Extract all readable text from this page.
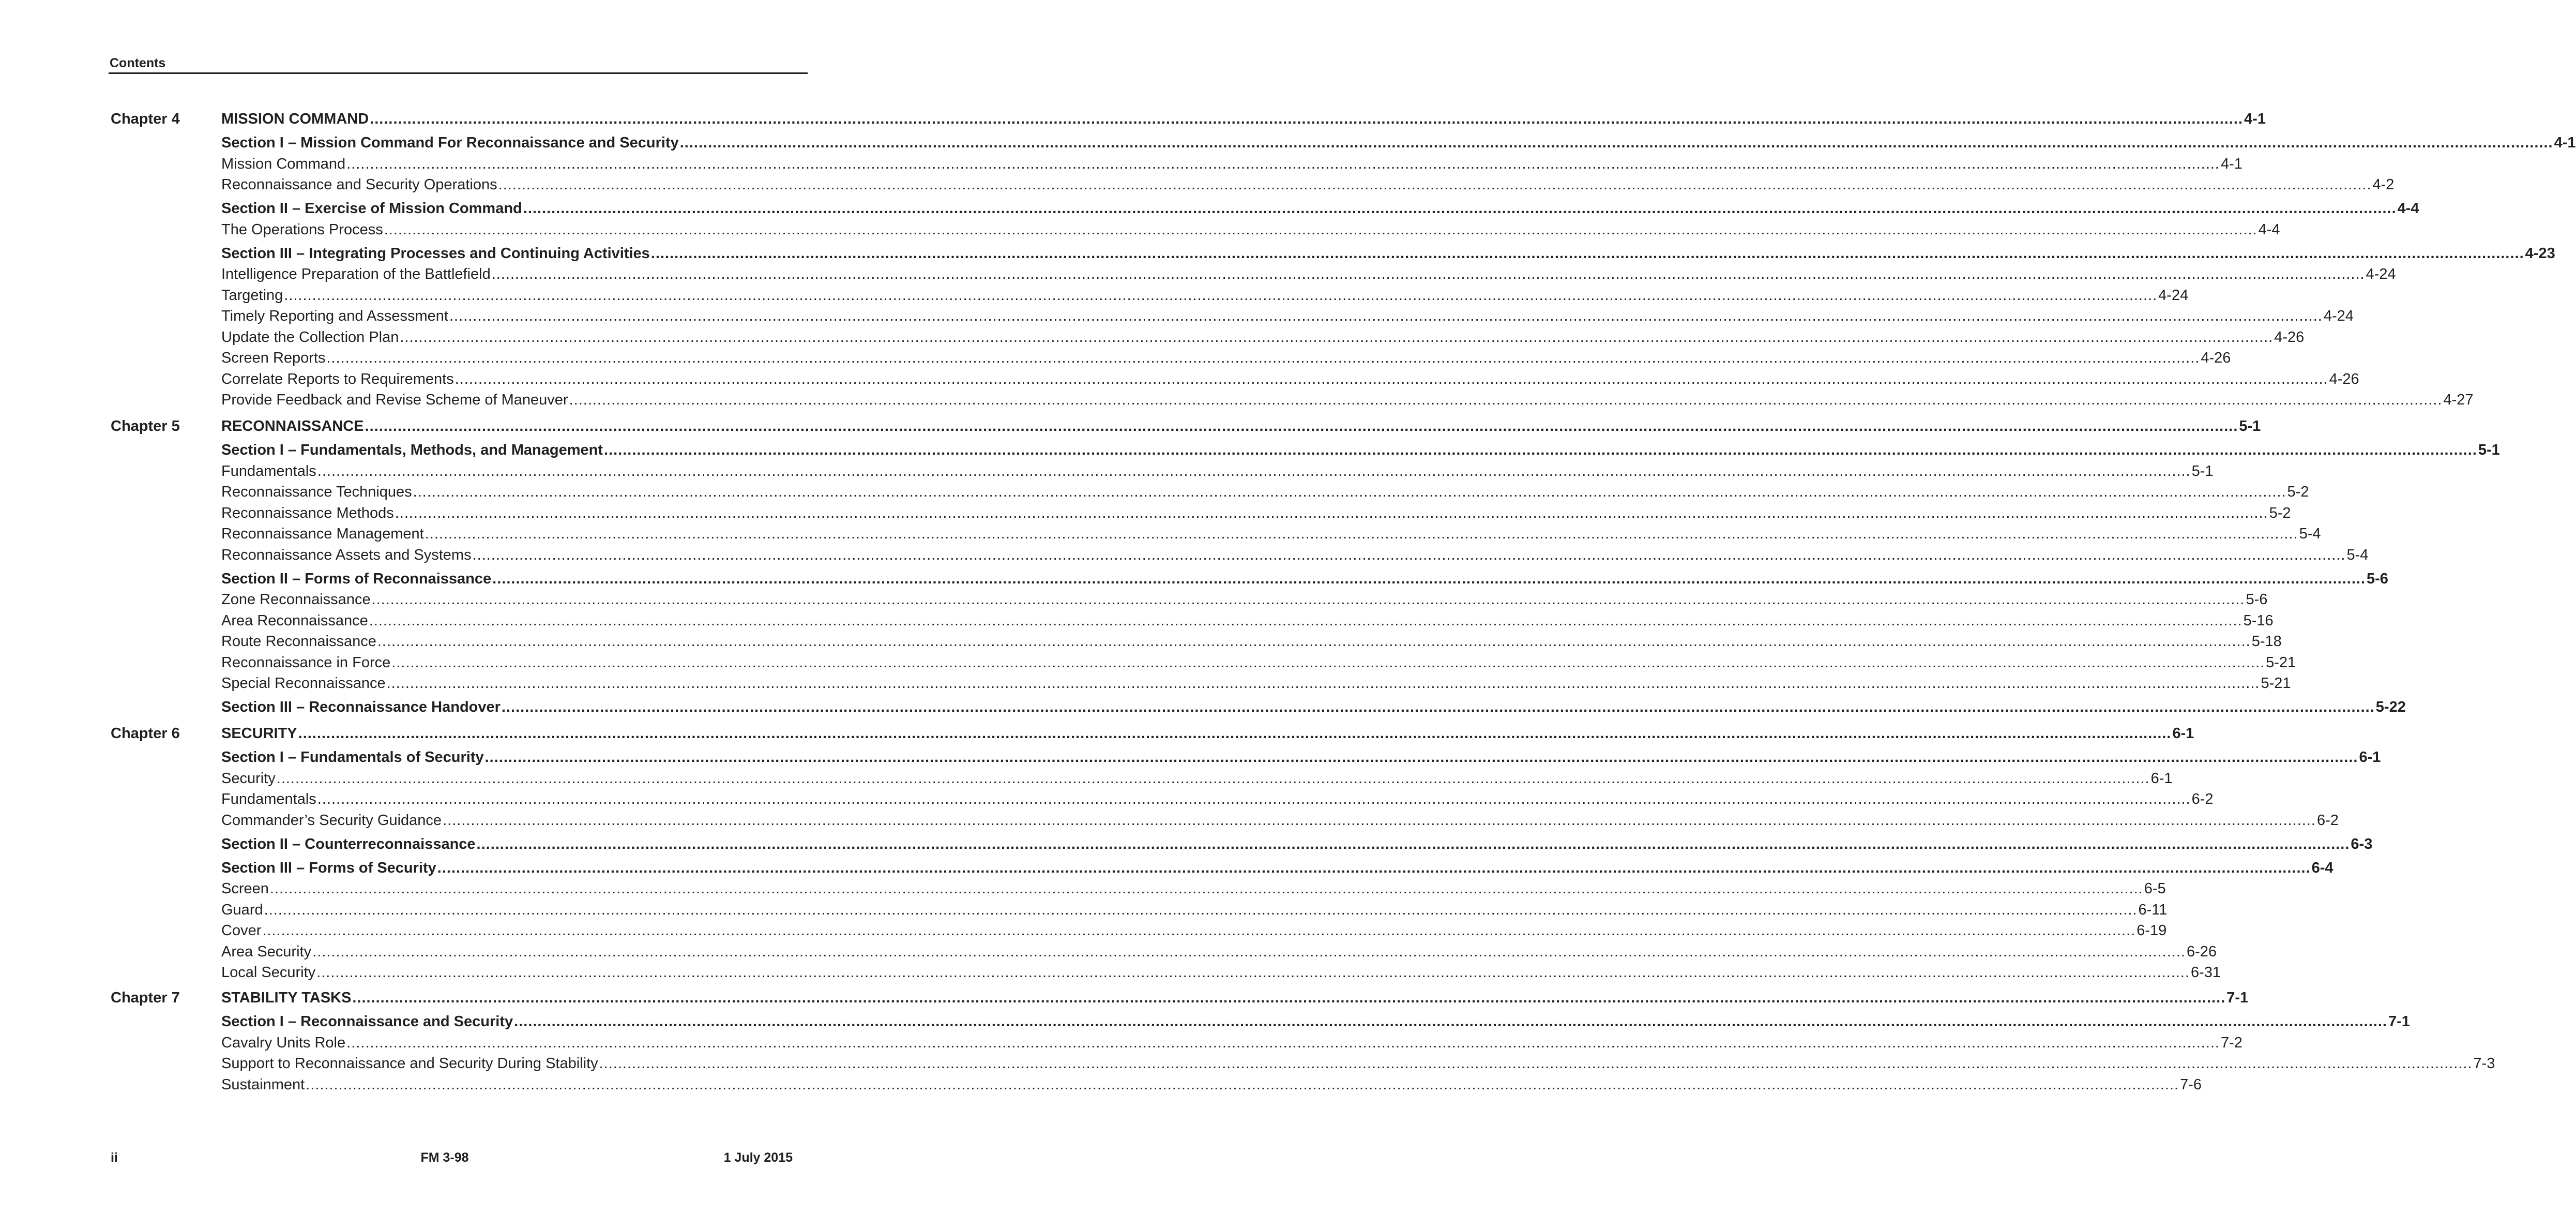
Contents
Chapter 4	MISSION COMMAND ................................................................................................................................................................................................................................................................................................................................................................................................................ 4-1
Section I – Mission Command For Reconnaissance and Security ................................................................................................................................................................................................................................................................................................................................................................................................................ 4-1
Mission Command ................................................................................................................................................................................................................................................................................................................................................................................................................ 4-1
Reconnaissance and Security Operations ................................................................................................................................................................................................................................................................................................................................................................................................................ 4-2
Section II – Exercise of Mission Command ................................................................................................................................................................................................................................................................................................................................................................................................................ 4-4
The Operations Process ................................................................................................................................................................................................................................................................................................................................................................................................................ 4-4
Section III – Integrating Processes and Continuing Activities ................................................................................................................................................................................................................................................................................................................................................................................................................ 4-23
Intelligence Preparation of the Battlefield ................................................................................................................................................................................................................................................................................................................................................................................................................ 4-24
Targeting ................................................................................................................................................................................................................................................................................................................................................................................................................ 4-24
Timely Reporting and Assessment ................................................................................................................................................................................................................................................................................................................................................................................................................ 4-24
Update the Collection Plan ................................................................................................................................................................................................................................................................................................................................................................................................................ 4-26
Screen Reports ................................................................................................................................................................................................................................................................................................................................................................................................................ 4-26
Correlate Reports to Requirements ................................................................................................................................................................................................................................................................................................................................................................................................................ 4-26
Provide Feedback and Revise Scheme of Maneuver ................................................................................................................................................................................................................................................................................................................................................................................................................ 4-27
Chapter 5	RECONNAISSANCE ................................................................................................................................................................................................................................................................................................................................................................................................................ 5-1
Section I – Fundamentals, Methods, and Management ................................................................................................................................................................................................................................................................................................................................................................................................................ 5-1
Fundamentals ................................................................................................................................................................................................................................................................................................................................................................................................................ 5-1
Reconnaissance Techniques ................................................................................................................................................................................................................................................................................................................................................................................................................ 5-2
Reconnaissance Methods ................................................................................................................................................................................................................................................................................................................................................................................................................ 5-2
Reconnaissance Management ................................................................................................................................................................................................................................................................................................................................................................................................................ 5-4
Reconnaissance Assets and Systems ................................................................................................................................................................................................................................................................................................................................................................................................................ 5-4
Section II – Forms of Reconnaissance ................................................................................................................................................................................................................................................................................................................................................................................................................ 5-6
Zone Reconnaissance ................................................................................................................................................................................................................................................................................................................................................................................................................ 5-6
Area Reconnaissance ................................................................................................................................................................................................................................................................................................................................................................................................................ 5-16
Route Reconnaissance ................................................................................................................................................................................................................................................................................................................................................................................................................ 5-18
Reconnaissance in Force ................................................................................................................................................................................................................................................................................................................................................................................................................ 5-21
Special Reconnaissance ................................................................................................................................................................................................................................................................................................................................................................................................................ 5-21
Section III – Reconnaissance Handover ................................................................................................................................................................................................................................................................................................................................................................................................................ 5-22
Chapter 6	SECURITY ................................................................................................................................................................................................................................................................................................................................................................................................................ 6-1
Section I – Fundamentals of Security ................................................................................................................................................................................................................................................................................................................................................................................................................ 6-1
Security ................................................................................................................................................................................................................................................................................................................................................................................................................ 6-1
Fundamentals ................................................................................................................................................................................................................................................................................................................................................................................................................ 6-2
Commander’s Security Guidance ................................................................................................................................................................................................................................................................................................................................................................................................................ 6-2
Section II – Counterreconnaissance ................................................................................................................................................................................................................................................................................................................................................................................................................ 6-3
Section III – Forms of Security ................................................................................................................................................................................................................................................................................................................................................................................................................ 6-4
Screen ................................................................................................................................................................................................................................................................................................................................................................................................................ 6-5
Guard ................................................................................................................................................................................................................................................................................................................................................................................................................ 6-11
Cover ................................................................................................................................................................................................................................................................................................................................................................................................................ 6-19
Area Security ................................................................................................................................................................................................................................................................................................................................................................................................................ 6-26
Local Security ................................................................................................................................................................................................................................................................................................................................................................................................................ 6-31
Chapter 7	STABILITY TASKS ................................................................................................................................................................................................................................................................................................................................................................................................................ 7-1
Section I – Reconnaissance and Security ................................................................................................................................................................................................................................................................................................................................................................................................................ 7-1
Cavalry Units Role ................................................................................................................................................................................................................................................................................................................................................................................................................ 7-2
Support to Reconnaissance and Security During Stability ................................................................................................................................................................................................................................................................................................................................................................................................................ 7-3
Sustainment ................................................................................................................................................................................................................................................................................................................................................................................................................ 7-6
ii	FM 3-98	1 July 2015
